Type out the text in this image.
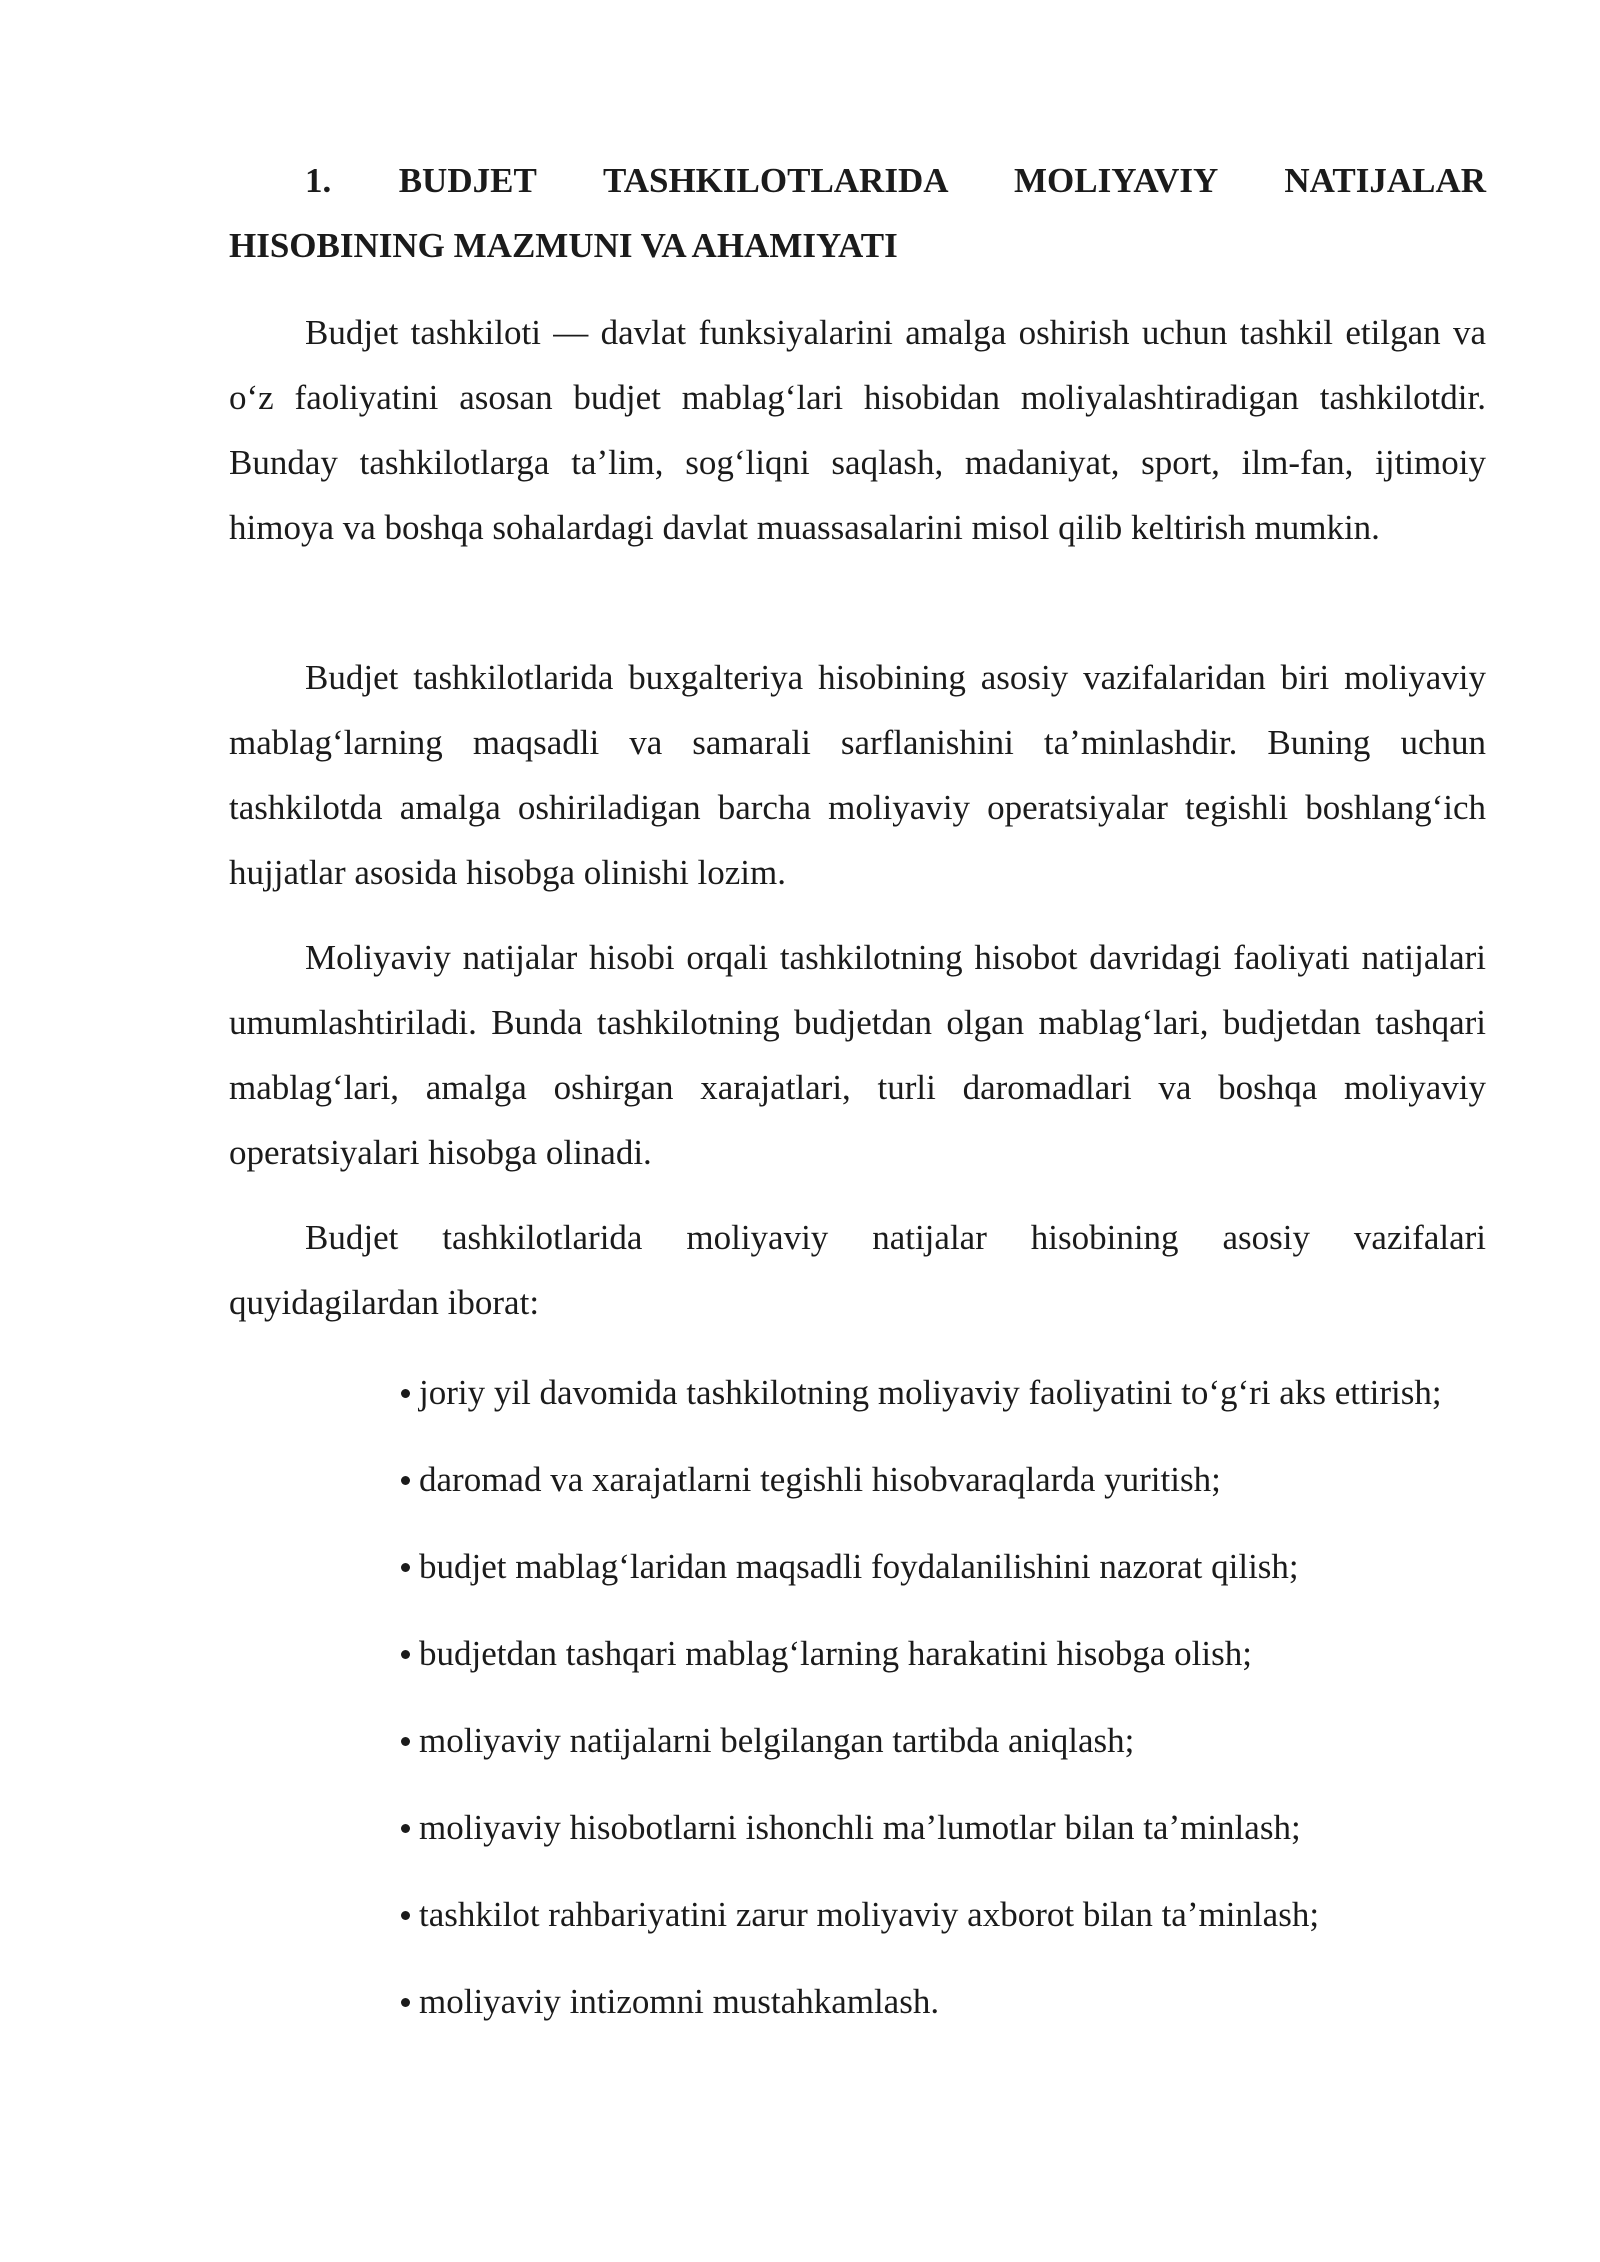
1. BUDJET TASHKILOTLARIDA MOLIYAVIY NATIJALAR
HISOBINING MAZMUNI VA AHAMIYATI

Budjet tashkiloti — davlat funksiyalarini amalga oshirish uchun tashkil etilgan va oʻz faoliyatini asosan budjet mablagʻlari hisobidan moliyalashtiradigan tashkilotdir. Bunday tashkilotlarga taʼlim, sogʻliqni saqlash, madaniyat, sport, ilm-fan, ijtimoiy himoya va boshqa sohalardagi davlat muassasalarini misol qilib keltirish mumkin.

Budjet tashkilotlarida buxgalteriya hisobining asosiy vazifalaridan biri moliyaviy mablagʻlarning maqsadli va samarali sarflanishini taʼminlashdir. Buning uchun tashkilotda amalga oshiriladigan barcha moliyaviy operatsiyalar tegishli boshlangʻich hujjatlar asosida hisobga olinishi lozim.

Moliyaviy natijalar hisobi orqali tashkilotning hisobot davridagi faoliyati natijalari umumlashtiriladi. Bunda tashkilotning budjetdan olgan mablagʻlari, budjetdan tashqari mablagʻlari, amalga oshirgan xarajatlari, turli daromadlari va boshqa moliyaviy operatsiyalari hisobga olinadi.

Budjet tashkilotlarida moliyaviy natijalar hisobining asosiy vazifalari quyidagilardan iborat:

joriy yil davomida tashkilotning moliyaviy faoliyatini toʻgʻri aks ettirish;
daromad va xarajatlarni tegishli hisobvaraqlarda yuritish;
budjet mablagʻlaridan maqsadli foydalanilishini nazorat qilish;
budjetdan tashqari mablagʻlarning harakatini hisobga olish;
moliyaviy natijalarni belgilangan tartibda aniqlash;
moliyaviy hisobotlarni ishonchli maʼlumotlar bilan taʼminlash;
tashkilot rahbariyatini zarur moliyaviy axborot bilan taʼminlash;
moliyaviy intizomni mustahkamlash.
